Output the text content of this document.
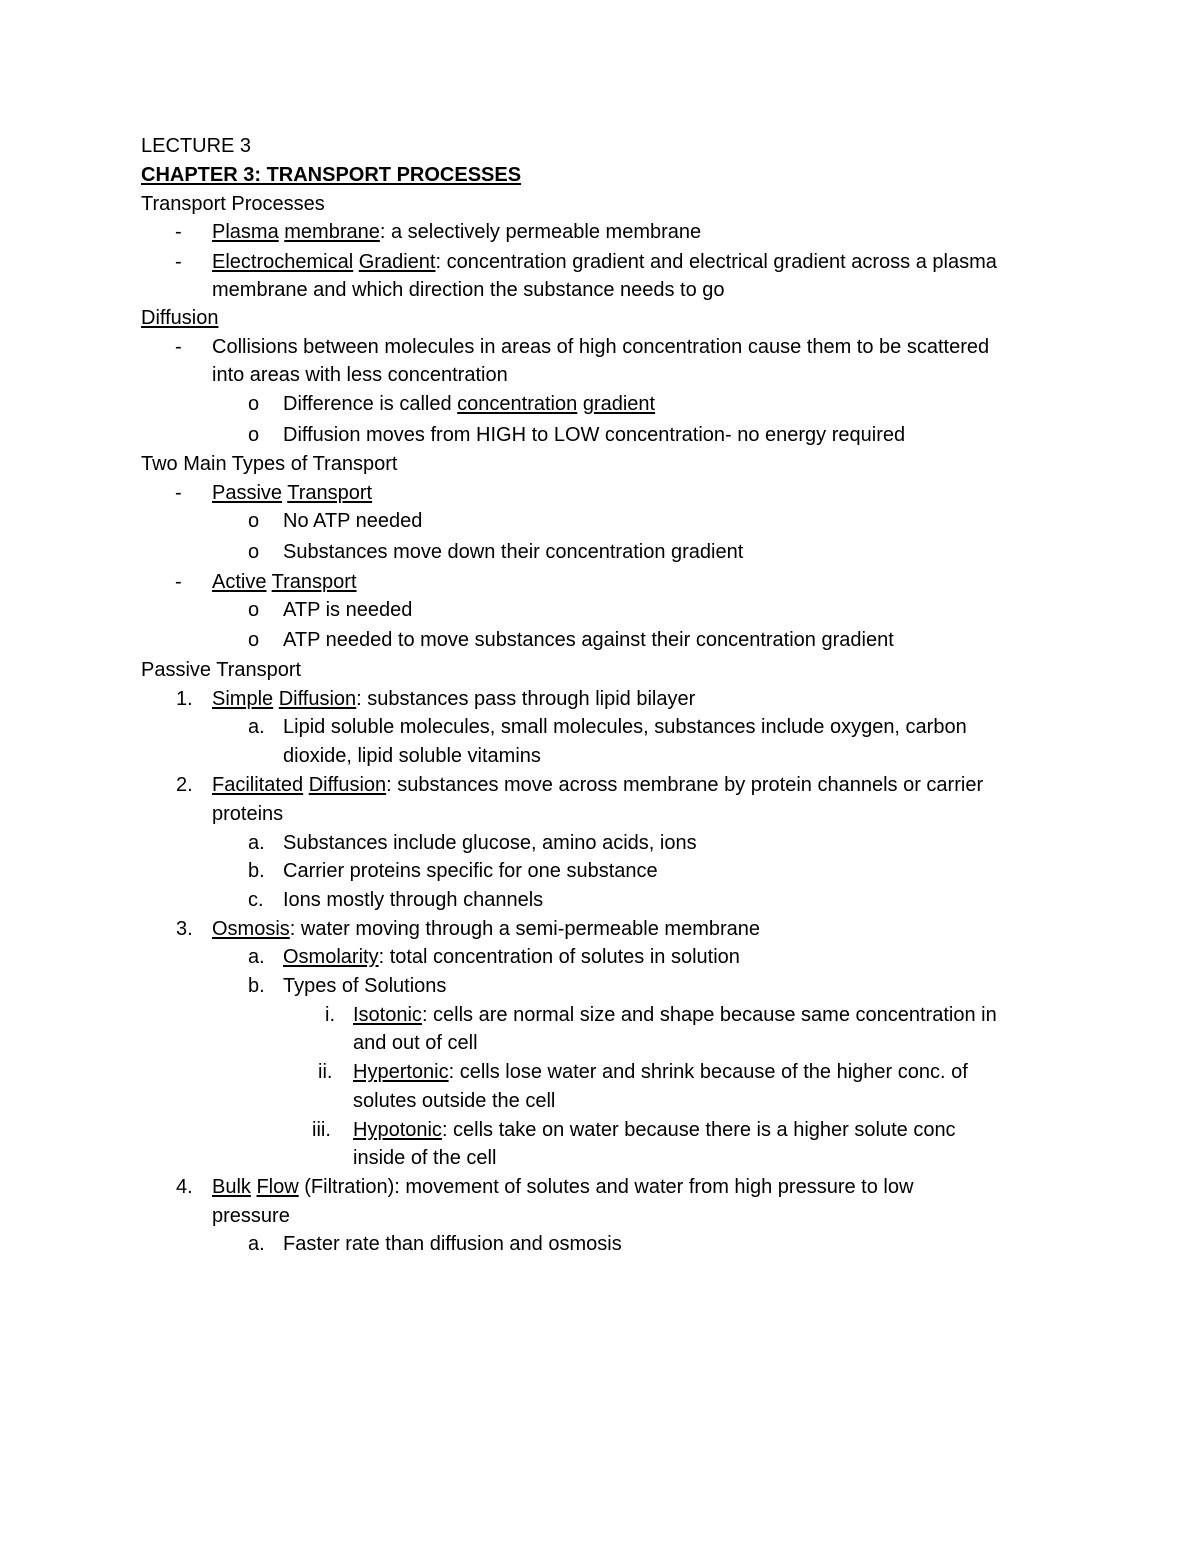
LECTURE 3
CHAPTER 3: TRANSPORT PROCESSES
Transport Processes
- Plasma membrane: a selectively permeable membrane
- Electrochemical Gradient: concentration gradient and electrical gradient across a plasma
membrane and which direction the substance needs to go
Diffusion
- Collisions between molecules in areas of high concentration cause them to be scattered
into areas with less concentration
o Difference is called concentration gradient
o Diffusion moves from HIGH to LOW concentration- no energy required
Two Main Types of Transport
- Passive Transport
o No ATP needed
o Substances move down their concentration gradient
- Active Transport
o ATP is needed
o ATP needed to move substances against their concentration gradient
Passive Transport
1. Simple Diffusion: substances pass through lipid bilayer
a. Lipid soluble molecules, small molecules, substances include oxygen, carbon
dioxide, lipid soluble vitamins
2. Facilitated Diffusion: substances move across membrane by protein channels or carrier
proteins
a. Substances include glucose, amino acids, ions
b. Carrier proteins specific for one substance
c. Ions mostly through channels
3. Osmosis: water moving through a semi-permeable membrane
a. Osmolarity: total concentration of solutes in solution
b. Types of Solutions
i. Isotonic: cells are normal size and shape because same concentration in
and out of cell
ii. Hypertonic: cells lose water and shrink because of the higher conc. of
solutes outside the cell
iii. Hypotonic: cells take on water because there is a higher solute conc
inside of the cell
4. Bulk Flow (Filtration): movement of solutes and water from high pressure to low
pressure
a. Faster rate than diffusion and osmosis
